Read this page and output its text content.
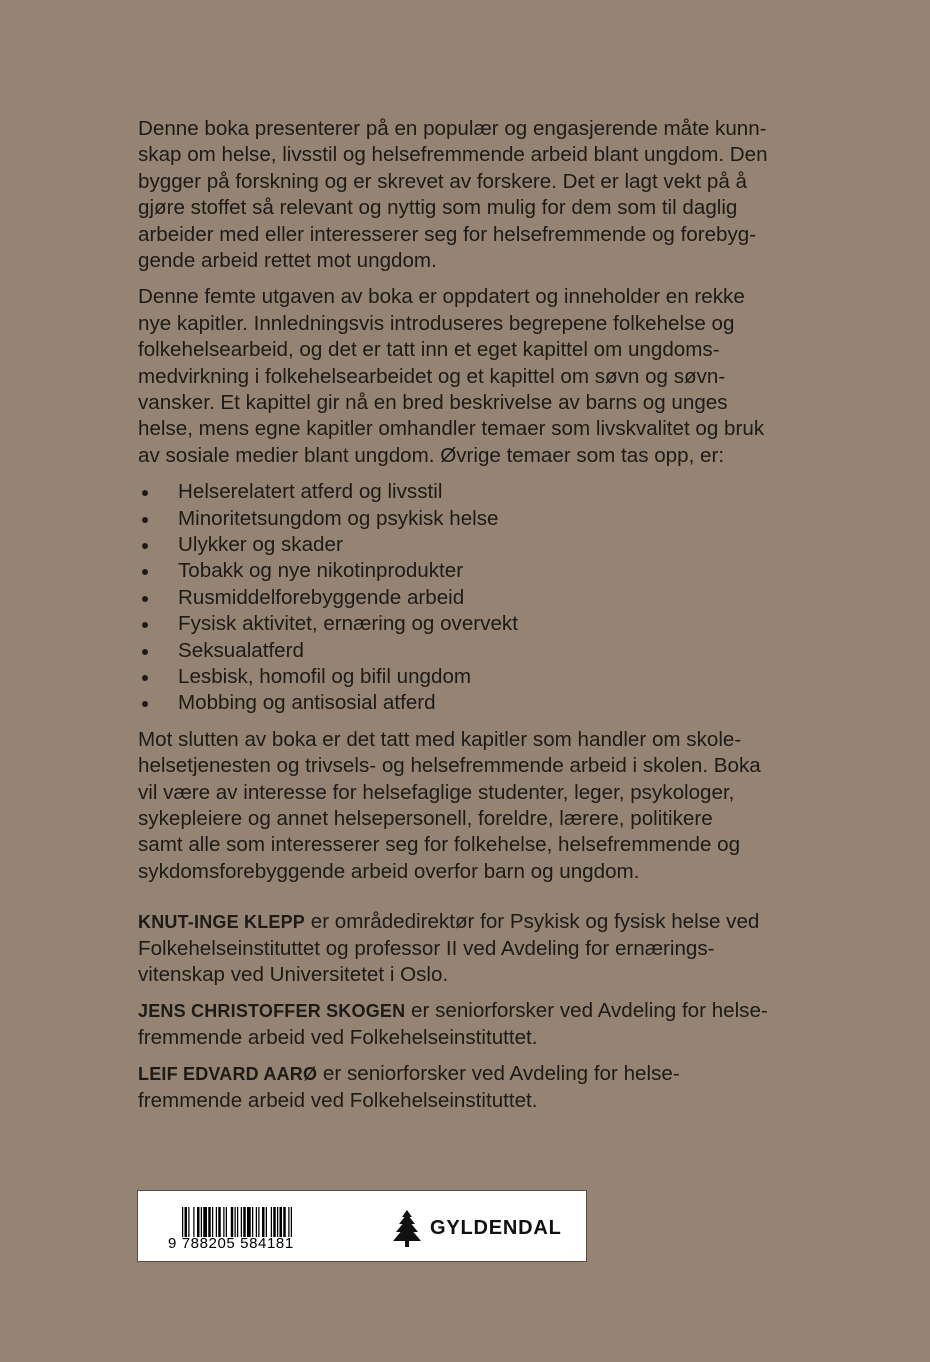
Denne boka presenterer på en populær og engasjerende måte kunn-
skap om helse, livsstil og helsefremmende arbeid blant ungdom. Den
bygger på forskning og er skrevet av forskere. Det er lagt vekt på å
gjøre stoffet så relevant og nyttig som mulig for dem som til daglig
arbeider med eller interesserer seg for helsefremmende og forebyg-
gende arbeid rettet mot ungdom.

Denne femte utgaven av boka er oppdatert og inneholder en rekke
nye kapitler. Innledningsvis introduseres begrepene folkehelse og
folkehelsearbeid, og det er tatt inn et eget kapittel om ungdoms-
medvirkning i folkehelsearbeidet og et kapittel om søvn og søvn-
vansker. Et kapittel gir nå en bred beskrivelse av barns og unges
helse, mens egne kapitler omhandler temaer som livskvalitet og bruk
av sosiale medier blant ungdom. Øvrige temaer som tas opp, er:

Helserelatert atferd og livsstil
Minoritetsungdom og psykisk helse
Ulykker og skader
Tobakk og nye nikotinprodukter
Rusmiddelforebyggende arbeid
Fysisk aktivitet, ernæring og overvekt
Seksualatferd
Lesbisk, homofil og bifil ungdom
Mobbing og antisosial atferd

Mot slutten av boka er det tatt med kapitler som handler om skole-
helsetjenesten og trivsels- og helsefremmende arbeid i skolen. Boka
vil være av interesse for helsefaglige studenter, leger, psykologer,
sykepleiere og annet helsepersonell, foreldre, lærere, politikere
samt alle som interesserer seg for folkehelse, helsefremmende og
sykdomsforebyggende arbeid overfor barn og ungdom.

KNUT-INGE KLEPP er områdedirektør for Psykisk og fysisk helse ved
Folkehelseinstituttet og professor II ved Avdeling for ernærings-
vitenskap ved Universitetet i Oslo.

JENS CHRISTOFFER SKOGEN er seniorforsker ved Avdeling for helse-
fremmende arbeid ved Folkehelseinstituttet.

LEIF EDVARD AARØ er seniorforsker ved Avdeling for helse-
fremmende arbeid ved Folkehelseinstituttet.

9 788205 584181
GYLDENDAL
